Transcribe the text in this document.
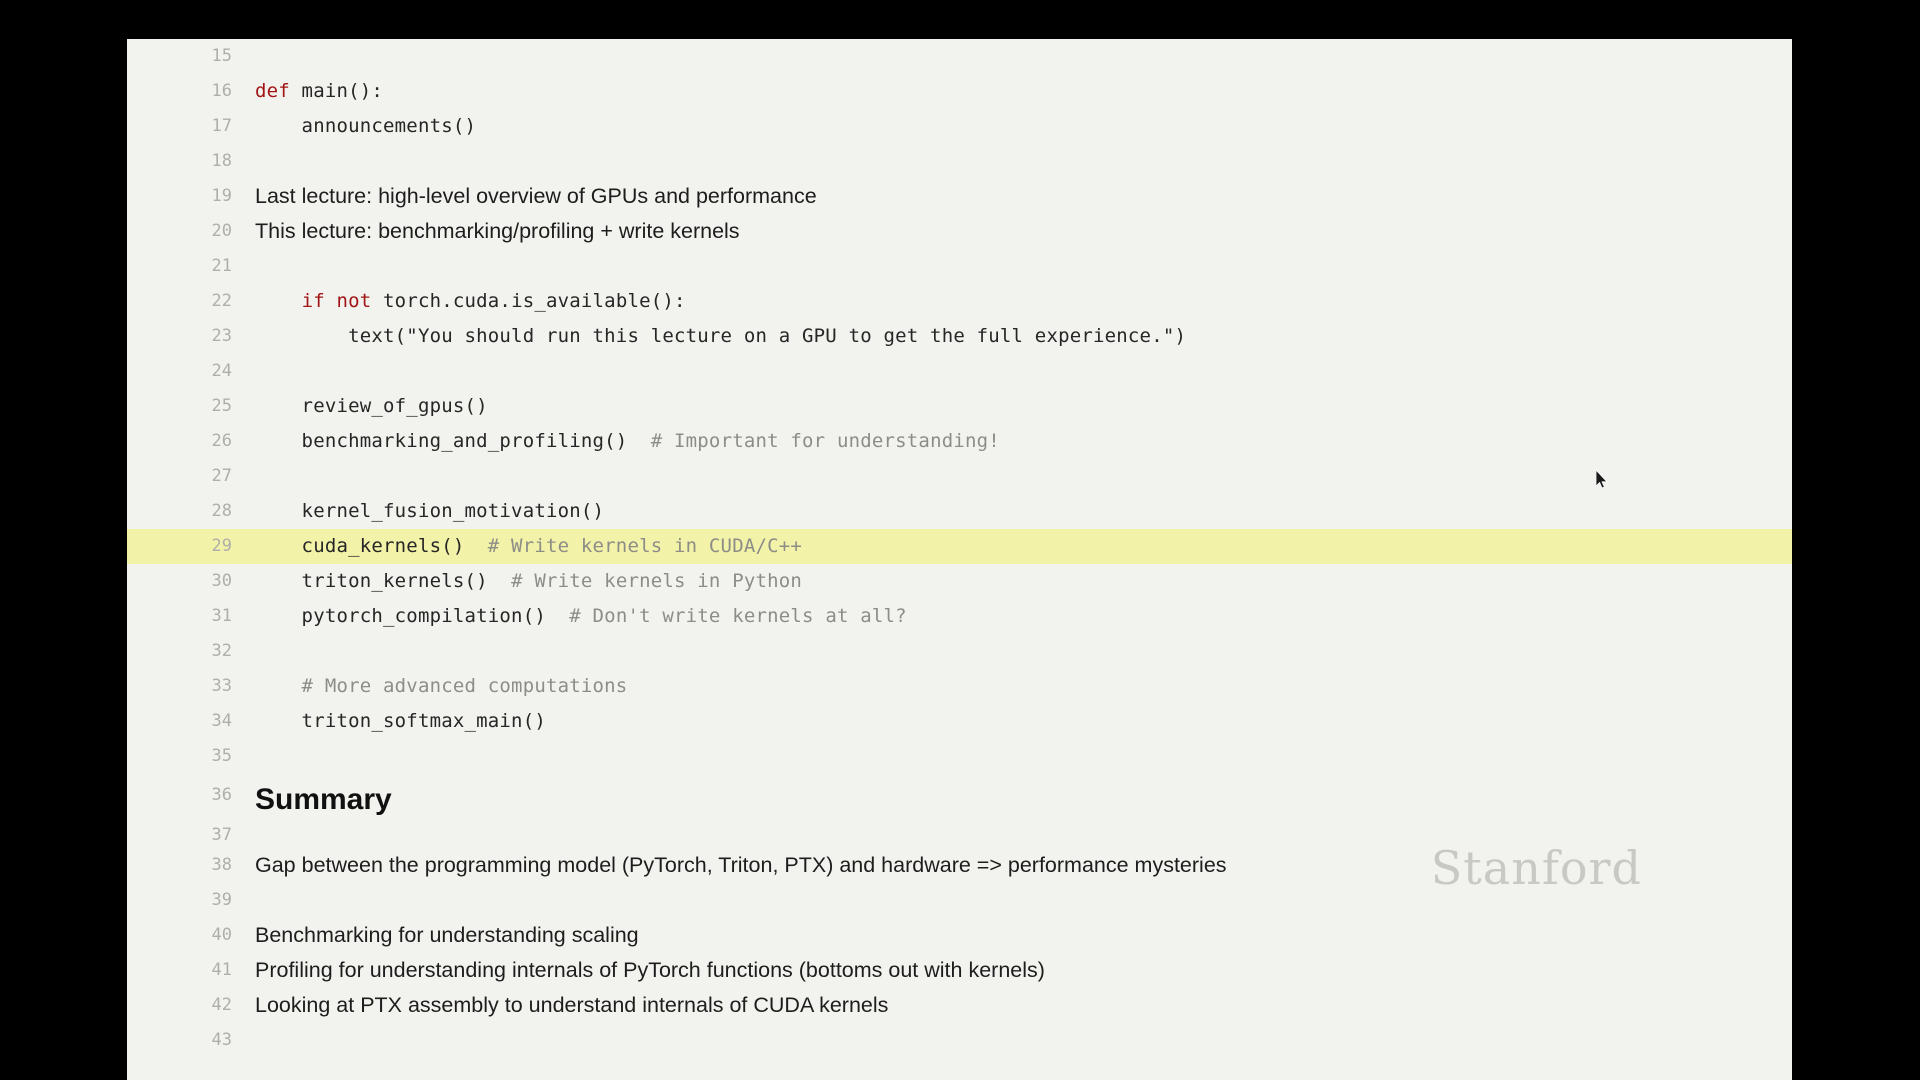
15

16

def main():

17

announcements()

18

19

Last lecture: high-level overview of GPUs and performance

20

This lecture: benchmarking/profiling + write kernels

21

22

	if not torch.cuda.is_available():

23

text("You should run this lecture on a GPU to get the full experience.")

24

25

review_of_gpus()

26

benchmarking_and_profiling()  # Important for understanding!

27

28

kernel_fusion_motivation()

29

cuda_kernels()  # Write kernels in CUDA/C++

30

triton_kernels()  # Write kernels in Python

31

pytorch_compilation()  # Don't write kernels at all?

32

33

# More advanced computations

34

triton_softmax_main()

35

36

Summary

37

38

Gap between the programming model (PyTorch, Triton, PTX) and hardware => performance mysteries

39

40

Benchmarking for understanding scaling

41

Profiling for understanding internals of PyTorch functions (bottoms out with kernels)

42

Looking at PTX assembly to understand internals of CUDA kernels

43

Stanford
